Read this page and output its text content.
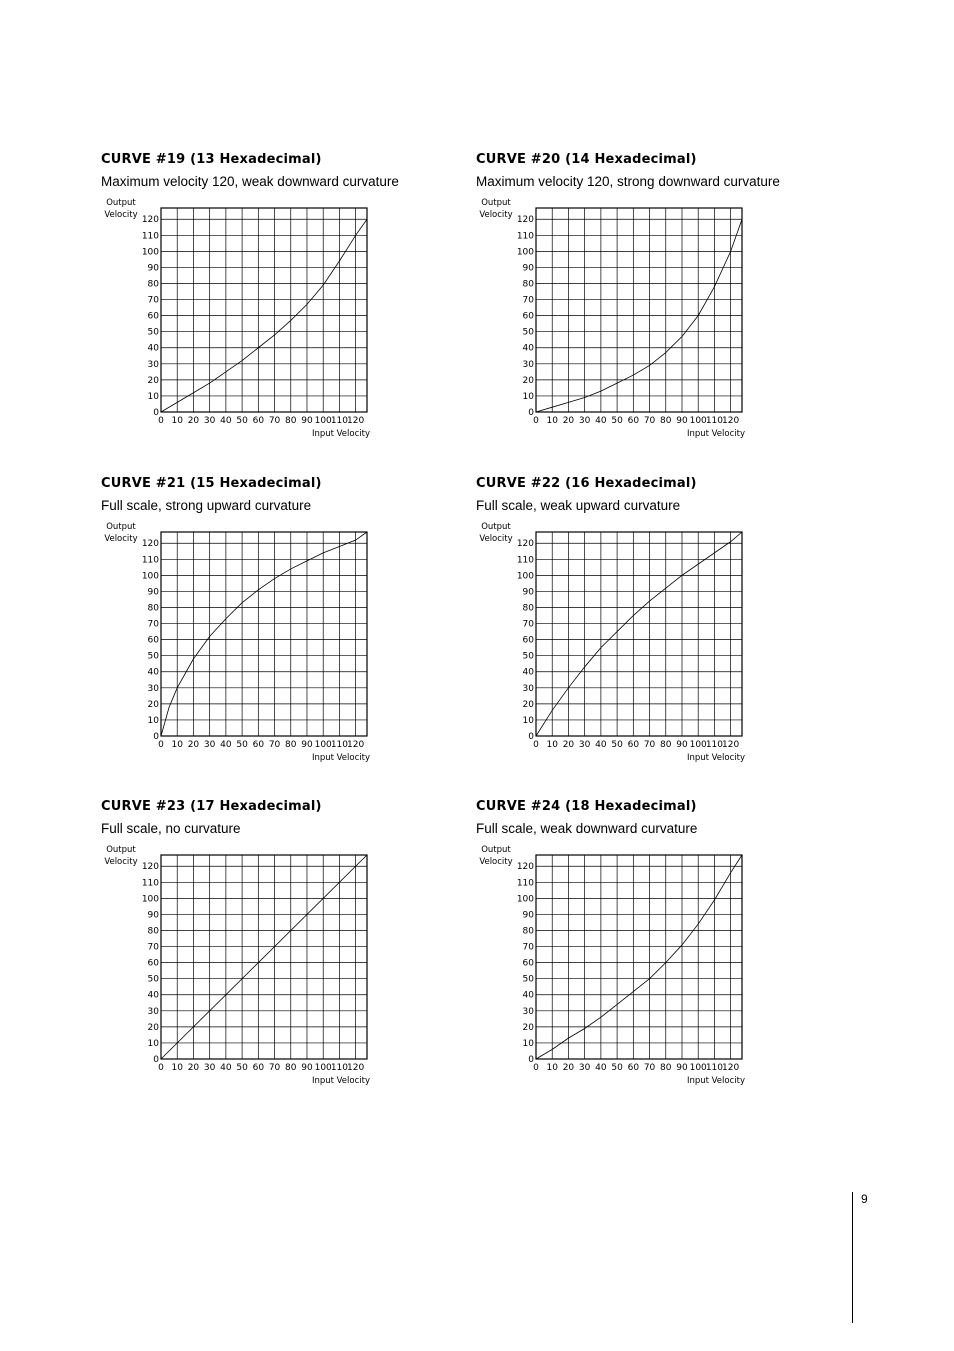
CURVE #19 (13 Hexadecimal)

Maximum velocity 120, weak downward curvature

0 10 20 30 40 50 60 70 80 90 100 110 120
0
10
20
30
40
50
60
70
80
90
100
110
120
Output
Velocity
Input Velocity
CURVE #20 (14 Hexadecimal)

Maximum velocity 120, strong downward curvature

0 10 20 30 40 50 60 70 80 90 100 110 120
0
10
20
30
40
50
60
70
80
90
100
110
120
Output
Velocity
Input Velocity
CURVE #21 (15 Hexadecimal)

Full scale, strong upward curvature

0 10 20 30 40 50 60 70 80 90 100 110 120
0
10
20
30
40
50
60
70
80
90
100
110
120
Output
Velocity
Input Velocity
CURVE #22 (16 Hexadecimal)

Full scale, weak upward curvature

0 10 20 30 40 50 60 70 80 90 100 110 120
0
10
20
30
40
50
60
70
80
90
100
110
120
Output
Velocity
Input Velocity
CURVE #23 (17 Hexadecimal)

Full scale, no curvature

0 10 20 30 40 50 60 70 80 90 100 110 120
0
10
20
30
40
50
60
70
80
90
100
110
120
Output
Velocity
Input Velocity
CURVE #24 (18 Hexadecimal)

Full scale, weak downward curvature

0 10 20 30 40 50 60 70 80 90 100 110 120
0
10
20
30
40
50
60
70
80
90
100
110
120
Output
Velocity
Input Velocity
9
